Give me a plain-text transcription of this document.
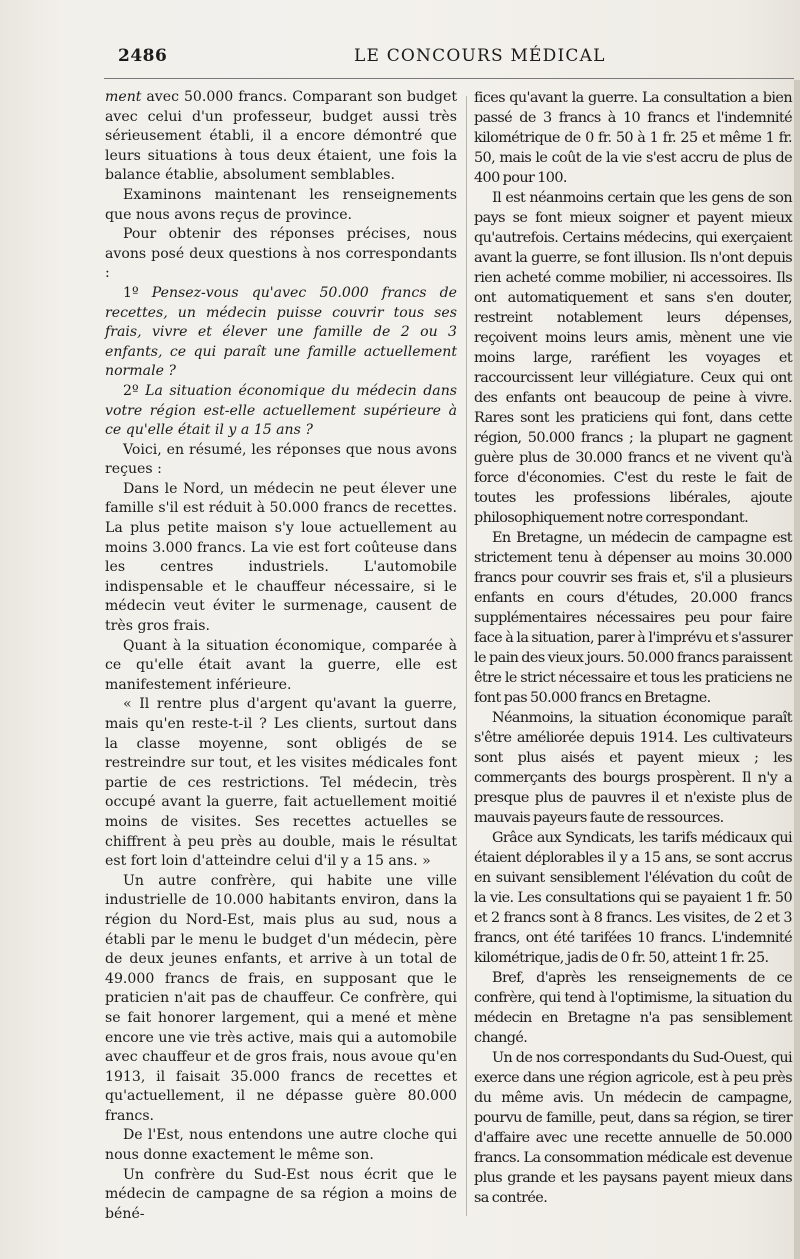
2486	LE CONCOURS MÉDICAL

ment avec 50.000 francs. Comparant son budget avec celui d'un professeur, budget aussi très sérieusement établi, il a encore démontré que leurs situations à tous deux étaient, une fois la balance établie, absolument semblables.

Examinons maintenant les renseignements que nous avons reçus de province.

Pour obtenir des réponses précises, nous avons posé deux questions à nos correspondants :

1º Pensez-vous qu'avec 50.000 francs de recettes, un médecin puisse couvrir tous ses frais, vivre et élever une famille de 2 ou 3 enfants, ce qui paraît une famille actuellement normale ?

2º La situation économique du médecin dans votre région est-elle actuellement supérieure à ce qu'elle était il y a 15 ans ?

Voici, en résumé, les réponses que nous avons reçues :

Dans le Nord, un médecin ne peut élever une famille s'il est réduit à 50.000 francs de recettes. La plus petite maison s'y loue actuellement au moins 3.000 francs. La vie est fort coûteuse dans les centres industriels. L'automobile indispensable et le chauffeur nécessaire, si le médecin veut éviter le surmenage, causent de très gros frais.

Quant à la situation économique, comparée à ce qu'elle était avant la guerre, elle est manifestement inférieure.

« Il rentre plus d'argent qu'avant la guerre, mais qu'en reste-t-il ? Les clients, surtout dans la classe moyenne, sont obligés de se restreindre sur tout, et les visites médicales font partie de ces restrictions. Tel médecin, très occupé avant la guerre, fait actuellement moitié moins de visites. Ses recettes actuelles se chiffrent à peu près au double, mais le résultat est fort loin d'atteindre celui d'il y a 15 ans. »

Un autre confrère, qui habite une ville industrielle de 10.000 habitants environ, dans la région du Nord-Est, mais plus au sud, nous a établi par le menu le budget d'un médecin, père de deux jeunes enfants, et arrive à un total de 49.000 francs de frais, en supposant que le praticien n'ait pas de chauffeur. Ce confrère, qui se fait honorer largement, qui a mené et mène encore une vie très active, mais qui a automobile avec chauffeur et de gros frais, nous avoue qu'en 1913, il faisait 35.000 francs de recettes et qu'actuellement, il ne dépasse guère 80.000 francs.

De l'Est, nous entendons une autre cloche qui nous donne exactement le même son.

Un confrère du Sud-Est nous écrit que le médecin de campagne de sa région a moins de béné-

fices qu'avant la guerre. La consultation a bien passé de 3 francs à 10 francs et l'indemnité kilométrique de 0 fr. 50 à 1 fr. 25 et même 1 fr. 50, mais le coût de la vie s'est accru de plus de 400 pour 100.

Il est néanmoins certain que les gens de son pays se font mieux soigner et payent mieux qu'autrefois. Certains médecins, qui exerçaient avant la guerre, se font illusion. Ils n'ont depuis rien acheté comme mobilier, ni accessoires. Ils ont automatiquement et sans s'en douter, restreint notablement leurs dépenses, reçoivent moins leurs amis, mènent une vie moins large, raréfient les voyages et raccourcissent leur villégiature. Ceux qui ont des enfants ont beaucoup de peine à vivre. Rares sont les praticiens qui font, dans cette région, 50.000 francs ; la plupart ne gagnent guère plus de 30.000 francs et ne vivent qu'à force d'économies. C'est du reste le fait de toutes les professions libérales, ajoute philosophiquement notre correspondant.

En Bretagne, un médecin de campagne est strictement tenu à dépenser au moins 30.000 francs pour couvrir ses frais et, s'il a plusieurs enfants en cours d'études, 20.000 francs supplémentaires nécessaires peu pour faire face à la situation, parer à l'imprévu et s'assurer le pain des vieux jours. 50.000 francs paraissent être le strict nécessaire et tous les praticiens ne font pas 50.000 francs en Bretagne.

Néanmoins, la situation économique paraît s'être améliorée depuis 1914. Les cultivateurs sont plus aisés et payent mieux ; les commerçants des bourgs prospèrent. Il n'y a presque plus de pauvres il et n'existe plus de mauvais payeurs faute de ressources.

Grâce aux Syndicats, les tarifs médicaux qui étaient déplorables il y a 15 ans, se sont accrus en suivant sensiblement l'élévation du coût de la vie. Les consultations qui se payaient 1 fr. 50 et 2 francs sont à 8 francs. Les visites, de 2 et 3 francs, ont été tarifées 10 francs. L'indemnité kilométrique, jadis de 0 fr. 50, atteint 1 fr. 25.

Bref, d'après les renseignements de ce confrère, qui tend à l'optimisme, la situation du médecin en Bretagne n'a pas sensiblement changé.

Un de nos correspondants du Sud-Ouest, qui exerce dans une région agricole, est à peu près du même avis. Un médecin de campagne, pourvu de famille, peut, dans sa région, se tirer d'affaire avec une recette annuelle de 50.000 francs. La consommation médicale est devenue plus grande et les paysans payent mieux dans sa contrée.
